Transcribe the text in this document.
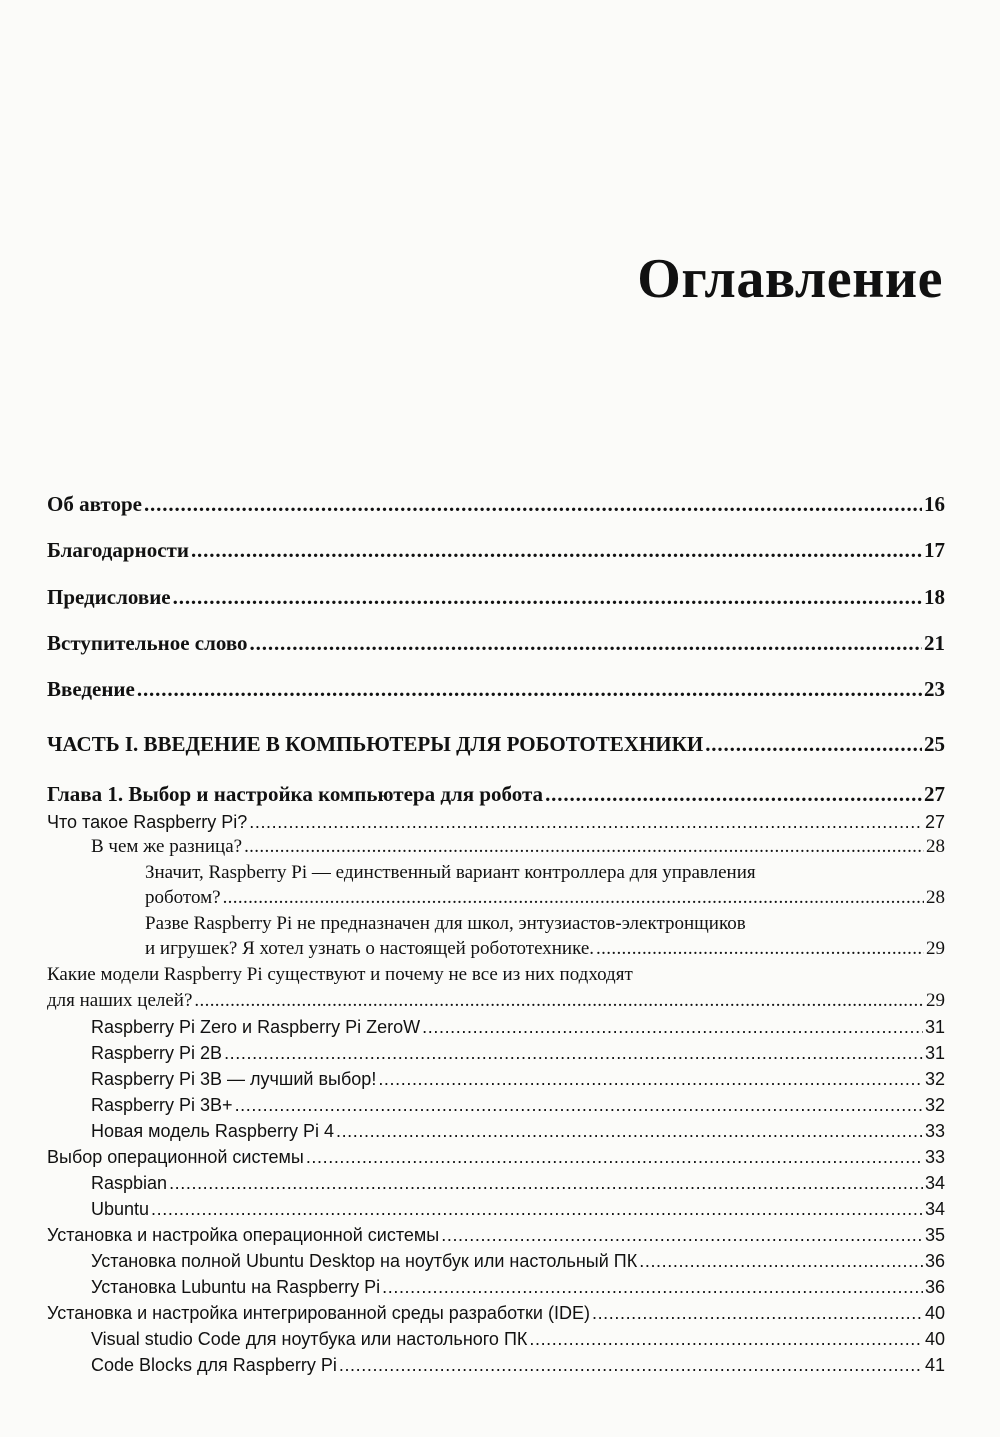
Оглавление
Об авторе . . .	16
Благодарности . . .	17
Предисловие . . .	18
Вступительное слово . . .	21
Введение . . .	23
ЧАСТЬ I. ВВЕДЕНИЕ В КОМПЬЮТЕРЫ ДЛЯ РОБОТОТЕХНИКИ . . .	25
Глава 1. Выбор и настройка компьютера для робота . . .	27
Что такое Raspberry Pi? . . .	27
В чем же разница? . . .	28
Значит, Raspberry Pi — единственный вариант контроллера для управления
роботом? . . .	28
Разве Raspberry Pi не предназначен для школ, энтузиастов-электронщиков
и игрушек? Я хотел узнать о настоящей робототехнике. . . .	29
Какие модели Raspberry Pi существуют и почему не все из них подходят
для наших целей? . . .	29
Raspberry Pi Zero и Raspberry Pi ZeroW . . .	31
Raspberry Pi 2B . . .	31
Raspberry Pi 3B — лучший выбор! . . .	32
Raspberry Pi 3B+ . . .	32
Новая модель Raspberry Pi 4 . . .	33
Выбор операционной системы . . .	33
Raspbian . . .	34
Ubuntu . . .	34
Установка и настройка операционной системы . . .	35
Установка полной Ubuntu Desktop на ноутбук или настольный ПК . . .	36
Установка Lubuntu на Raspberry Pi . . .	36
Установка и настройка интегрированной среды разработки (IDE) . . .	40
Visual studio Code для ноутбука или настольного ПК . . .	40
Code Blocks для Raspberry Pi . . .	41
